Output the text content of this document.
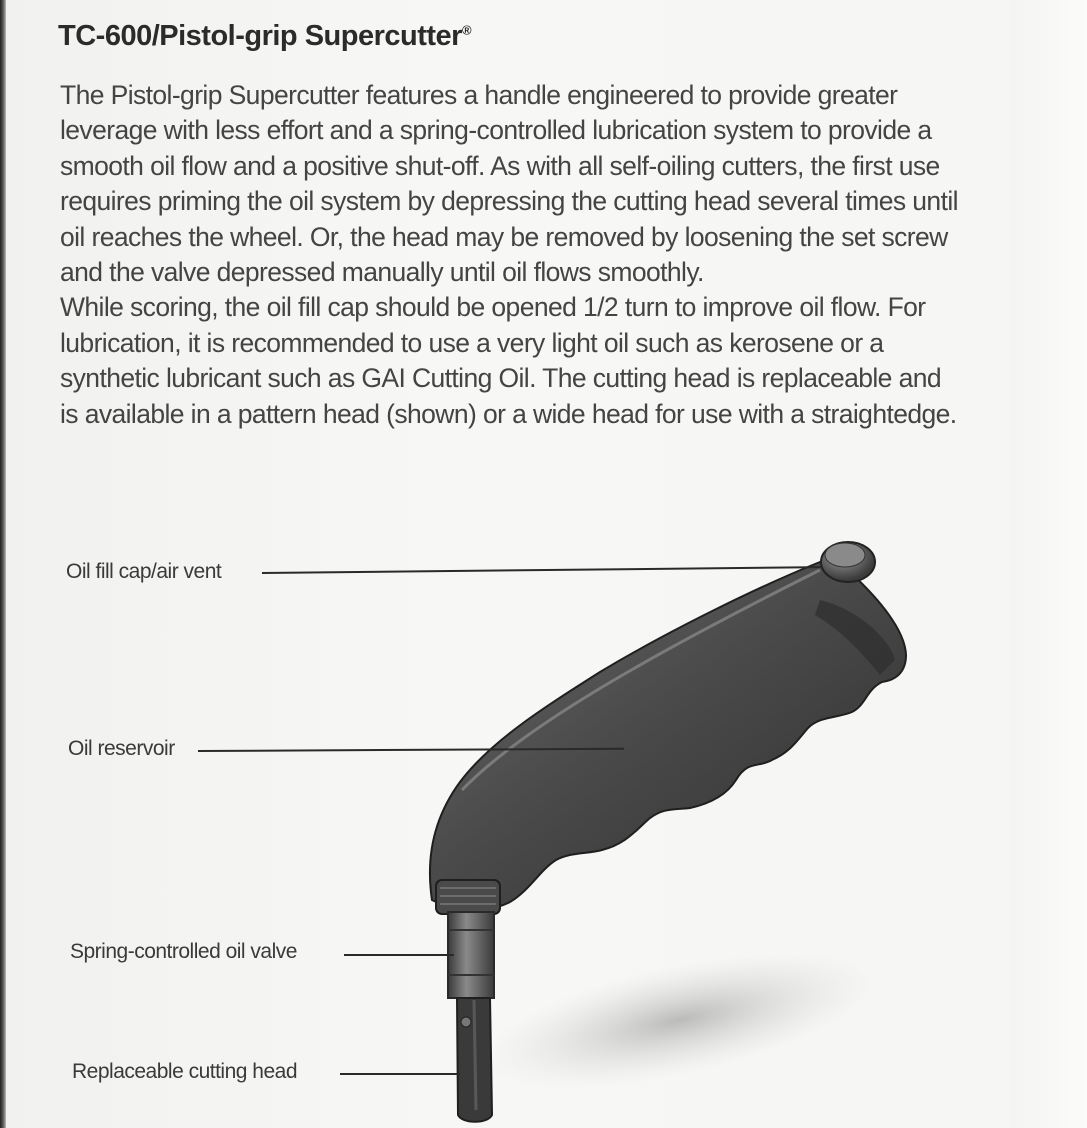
TC-600/Pistol-grip Supercutter®

The Pistol-grip Supercutter features a handle engineered to provide greater leverage with less effort and a spring-controlled lubrication system to provide a smooth oil flow and a positive shut-off. As with all self-oiling cutters, the first use requires priming the oil system by depressing the cutting head several times until oil reaches the wheel. Or, the head may be removed by loosening the set screw and the valve depressed manually until oil flows smoothly.

While scoring, the oil fill cap should be opened 1/2 turn to improve oil flow. For lubrication, it is recommended to use a very light oil such as kerosene or a synthetic lubricant such as GAI Cutting Oil. The cutting head is replaceable and is available in a pattern head (shown) or a wide head for use with a straightedge.

Oil fill cap/air vent
Oil reservoir
Spring-controlled oil valve
Replaceable cutting head
